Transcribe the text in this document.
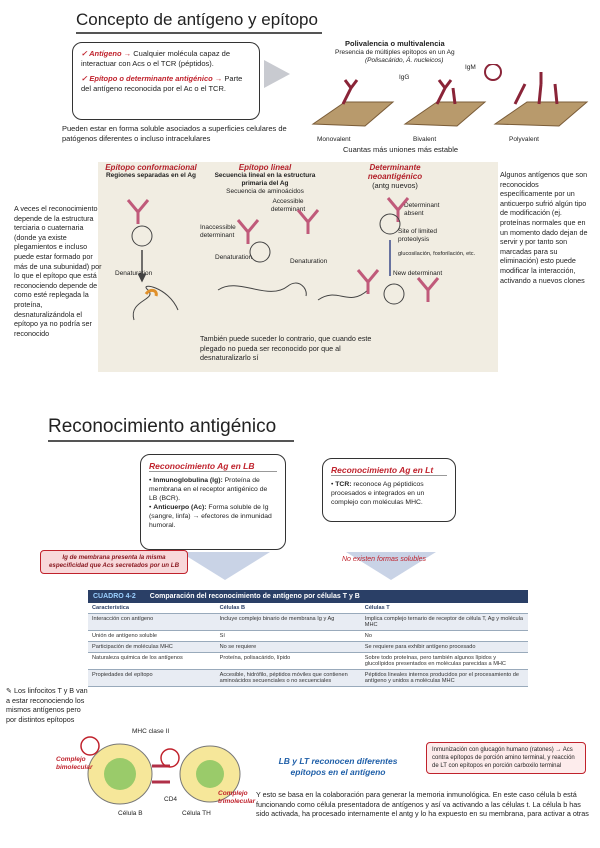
Concepto de antígeno y epítopo
✓ Antígeno → Cualquier molécula capaz de interactuar con Acs o el TCR (péptidos).
✓ Epítopo o determinante antigénico → Parte del antígeno reconocida por el Ac o el TCR.
Pueden estar en forma soluble asociados a superficies celulares de patógenos diferentes o incluso intracelulares
Polivalencia o multivalencia
Presencia de múltiples epítopos en un Ag
(Polisacárido, Á. nucleicos)
IgG
IgM
Monovalent	Bivalent	Polyvalent
Cuantas más uniones más estable
Epítopo conformacional
Regiones separadas en el Ag
Denaturation
Epítopo lineal
Secuencia lineal en la estructura primaria del Ag
Secuencia de aminoácidos
Accessible determinant
Inaccessible determinant
Denaturation
Denaturation
Determinante neoantigénico
(antg nuevos)
Determinant absent
Site of limited proteolysis
glucosilación, fosforilación, etc.
New determinant
También puede suceder lo contrario, que cuando este plegado no pueda ser reconocido por que al desnaturalizarlo sí
A veces el reconocimiento depende de la estructura terciaria o cuaternaria (donde ya existe plegamientos e incluso puede estar formado por más de una subunidad) por lo que el epítopo que está reconociendo depende de como esté replegada la proteína, desnaturalizándola el epítopo ya no podría ser reconocido
Algunos antígenos que son reconocidos específicamente por un anticuerpo sufrió algún tipo de modificación (ej. proteínas normales que en un momento dado dejan de servir y por tanto son marcadas para su eliminación) esto puede modificar la interacción, activando a nuevos clones
Reconocimiento antigénico
Reconocimiento Ag en LB
• Inmunoglobulina (Ig): Proteína de membrana en el receptor antigénico de LB (BCR).
• Anticuerpo (Ac): Forma soluble de Ig (sangre, linfa) → efectores de inmunidad humoral.
Reconocimiento Ag en Lt
• TCR: reconoce Ag péptidicos procesados e integrados en un complejo con moléculas MHC.
Ig de membrana presenta la misma especificidad que Acs secretados por un LB
No existen formas solubles
CUADRO 4-2 Comparación del reconocimiento de antígeno por células T y B
Característica	Células B	Células T
Interacción con antígeno	Incluye complejo binario de membrana Ig y Ag	Implica complejo ternario de receptor de célula T, Ag y molécula MHC
Unión de antígeno soluble	Sí	No
Participación de moléculas MHC	No se requiere	Se requiere para exhibir antígeno procesado
Naturaleza química de los antígenos	Proteína, polisacárido, lípido	Sobre todo proteínas, pero también algunos lípidos y glucolípidos presentados en moléculas parecidas a MHC
Propiedades del epítopo	Accesible, hidrófilo, péptidos móviles que contienen aminoácidos secuenciales o no secuenciales	Péptidos lineales internos producidos por el procesamiento de antígeno y unidos a moléculas MHC
✎ Los linfocitos T y B van a estar reconociendo los mismos antígenos pero por distintos epítopos
MHC clase II
CD4
Célula B	Célula TH
Complejo bimolecular
Complejo trimolecular
LB y LT reconocen diferentes epítopos en el antígeno
Inmunización con glucagón humano (ratones) → Acs contra epítopos de porción amino terminal, y reacción de LT con epítopos en porción carboxilo terminal
Y esto se basa en la colaboración para generar la memoria inmunológica. En este caso célula b está funcionando como célula presentadora de antígenos y así va activando a las células t. La célula b has sido activada, ha procesado internamente el antg y lo ha expuesto en su membrana, para activar a otras
